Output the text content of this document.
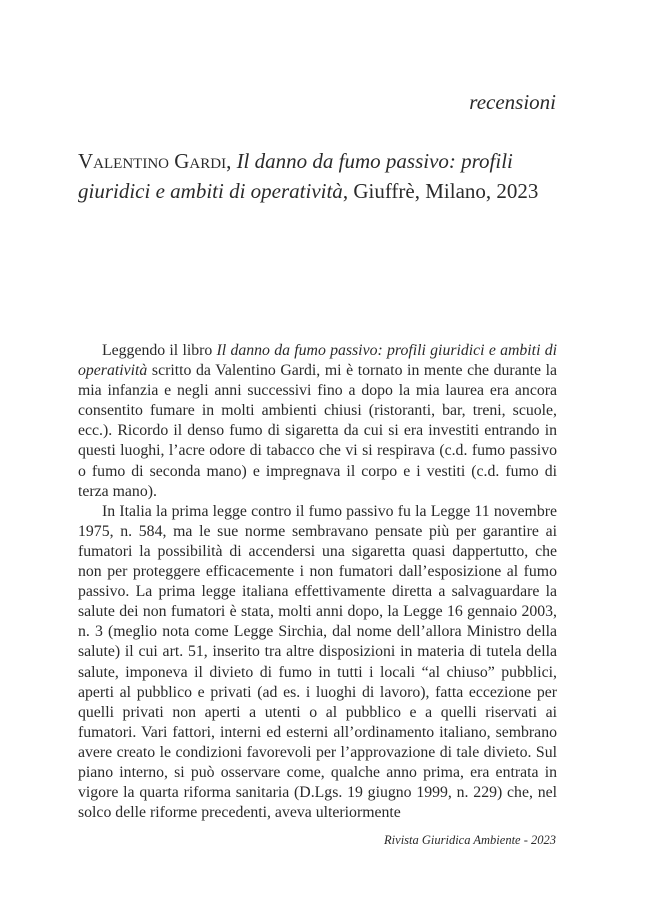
recensioni
Valentino Gardi, Il danno da fumo passivo: profili giuridici e ambiti di operatività, Giuffrè, Milano, 2023

Leggendo il libro Il danno da fumo passivo: profili giuridici e ambiti di operatività scritto da Valentino Gardi, mi è tornato in mente che durante la mia infanzia e negli anni successivi fino a dopo la mia laurea era ancora consentito fumare in molti ambienti chiusi (ristoranti, bar, treni, scuole, ecc.). Ricordo il denso fumo di sigaretta da cui si era investiti entrando in questi luoghi, l’acre odore di tabacco che vi si respirava (c.d. fumo passivo o fumo di seconda mano) e impregnava il corpo e i vestiti (c.d. fumo di terza mano).

In Italia la prima legge contro il fumo passivo fu la Legge 11 novembre 1975, n. 584, ma le sue norme sembravano pensate più per garantire ai fumatori la possibilità di accendersi una sigaretta quasi dappertutto, che non per proteggere efficacemente i non fumatori dall’esposizione al fumo passivo. La prima legge italiana effettivamente diretta a salvaguardare la salute dei non fumatori è stata, molti anni dopo, la Legge 16 gennaio 2003, n. 3 (meglio nota come Legge Sirchia, dal nome dell’allora Ministro della salute) il cui art. 51, inserito tra altre disposizioni in materia di tutela della salute, imponeva il divieto di fumo in tutti i locali “al chiuso” pubblici, aperti al pubblico e privati (ad es. i luoghi di lavoro), fatta eccezione per quelli privati non aperti a utenti o al pubblico e a quelli riservati ai fumatori. Vari fattori, interni ed esterni all’ordinamento italiano, sembrano avere creato le condizioni favorevoli per l’approvazione di tale divieto. Sul piano interno, si può osservare come, qualche anno prima, era entrata in vigore la quarta riforma sanitaria (D.Lgs. 19 giugno 1999, n. 229) che, nel solco delle riforme precedenti, aveva ulteriormente

Rivista Giuridica Ambiente - 2023
